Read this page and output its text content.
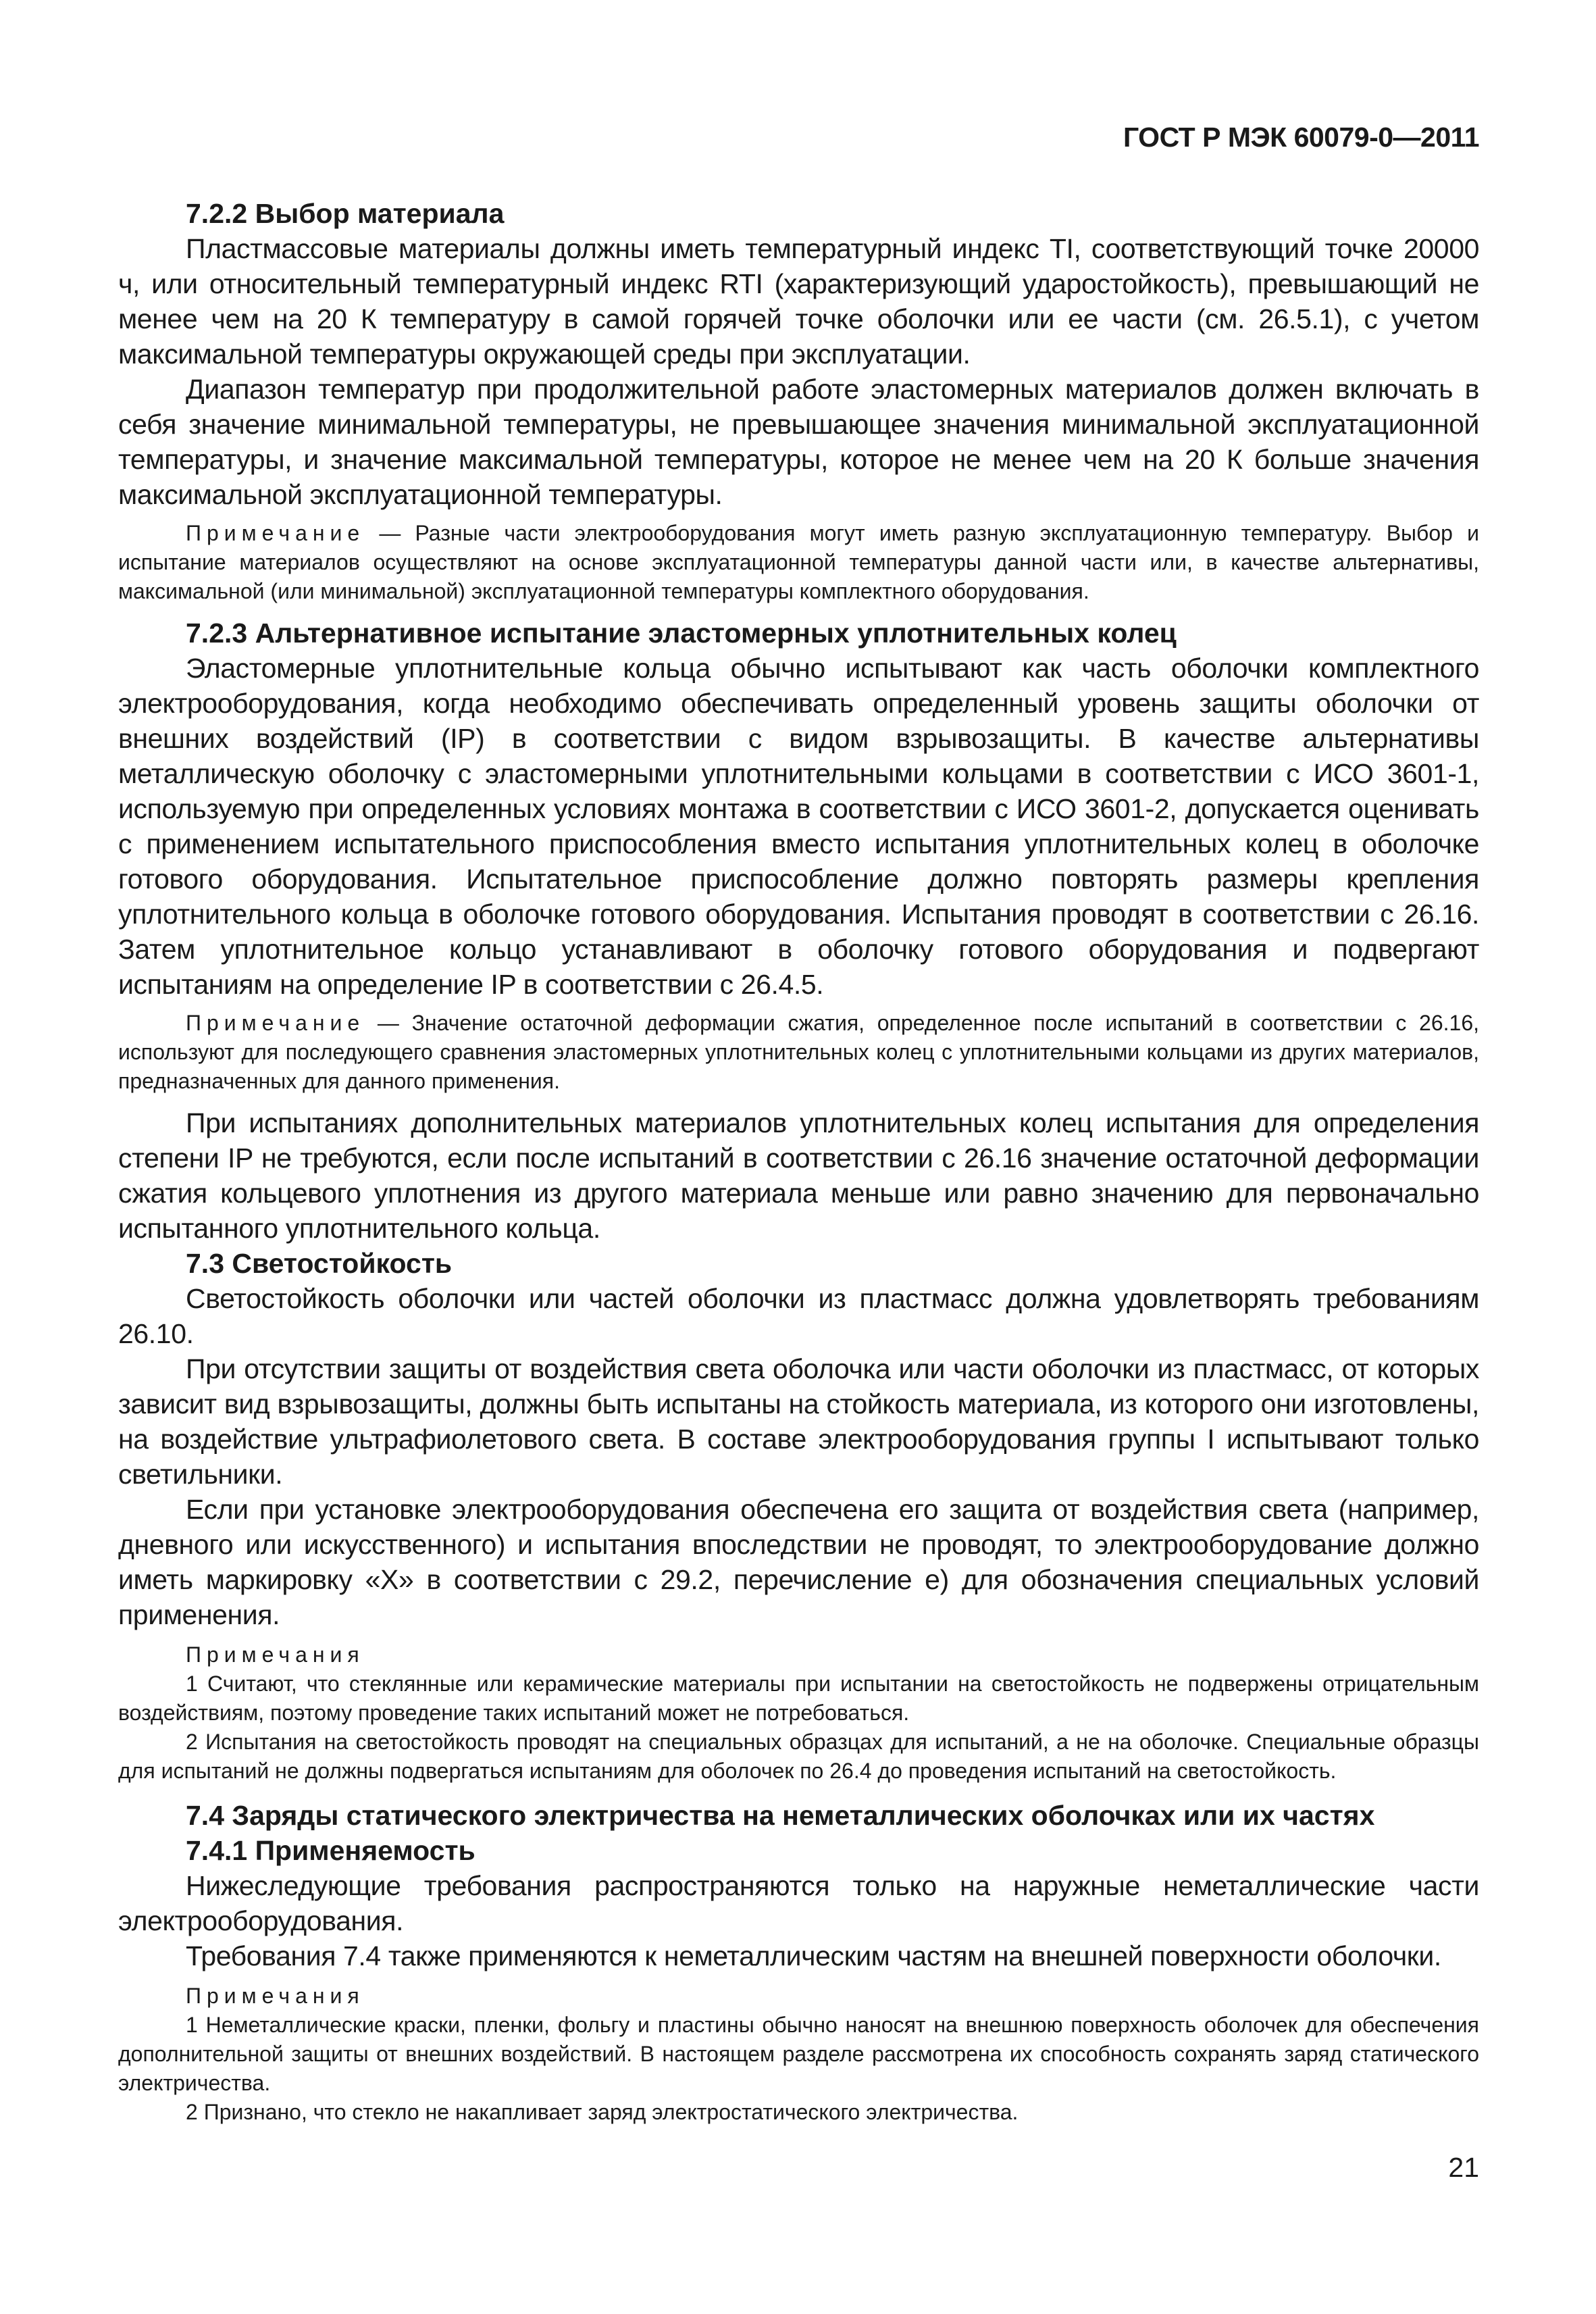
ГОСТ Р МЭК 60079-0—2011
7.2.2 Выбор материала

Пластмассовые материалы должны иметь температурный индекс TI, соответствующий точке 20000 ч, или относительный температурный индекс RTI (характеризующий ударостойкость), превышающий не менее чем на 20 К температуру в самой горячей точке оболочки или ее части (см. 26.5.1), с учетом максимальной температуры окружающей среды при эксплуатации.

Диапазон температур при продолжительной работе эластомерных материалов должен включать в себя значение минимальной температуры, не превышающее значения минимальной эксплуатационной температуры, и значение максимальной температуры, которое не менее чем на 20 К больше значения максимальной эксплуатационной температуры.

Примечание — Разные части электрооборудования могут иметь разную эксплуатационную температуру. Выбор и испытание материалов осуществляют на основе эксплуатационной температуры данной части или, в качестве альтернативы, максимальной (или минимальной) эксплуатационной температуры комплектного оборудования.

7.2.3 Альтернативное испытание эластомерных уплотнительных колец

Эластомерные уплотнительные кольца обычно испытывают как часть оболочки комплектного электрооборудования, когда необходимо обеспечивать определенный уровень защиты оболочки от внешних воздействий (IP) в соответствии с видом взрывозащиты. В качестве альтернативы металлическую оболочку с эластомерными уплотнительными кольцами в соответствии с ИСО 3601-1, используемую при определенных условиях монтажа в соответствии с ИСО 3601-2, допускается оценивать с применением испытательного приспособления вместо испытания уплотнительных колец в оболочке готового оборудования. Испытательное приспособление должно повторять размеры крепления уплотнительного кольца в оболочке готового оборудования. Испытания проводят в соответствии с 26.16. Затем уплотнительное кольцо устанавливают в оболочку готового оборудования и подвергают испытаниям на определение IP в соответствии с 26.4.5.

Примечание — Значение остаточной деформации сжатия, определенное после испытаний в соответствии с 26.16, используют для последующего сравнения эластомерных уплотнительных колец с уплотнительными кольцами из других материалов, предназначенных для данного применения.

При испытаниях дополнительных материалов уплотнительных колец испытания для определения степени IP не требуются, если после испытаний в соответствии с 26.16 значение остаточной деформации сжатия кольцевого уплотнения из другого материала меньше или равно значению для первоначально испытанного уплотнительного кольца.

7.3 Светостойкость

Светостойкость оболочки или частей оболочки из пластмасс должна удовлетворять требованиям 26.10.

При отсутствии защиты от воздействия света оболочка или части оболочки из пластмасс, от которых зависит вид взрывозащиты, должны быть испытаны на стойкость материала, из которого они изготовлены, на воздействие ультрафиолетового света. В составе электрооборудования группы I испытывают только светильники.

Если при установке электрооборудования обеспечена его защита от воздействия света (например, дневного или искусственного) и испытания впоследствии не проводят, то электрооборудование должно иметь маркировку «X» в соответствии с 29.2, перечисление е) для обозначения специальных условий применения.

Примечания

1 Считают, что стеклянные или керамические материалы при испытании на светостойкость не подвержены отрицательным воздействиям, поэтому проведение таких испытаний может не потребоваться.

2 Испытания на светостойкость проводят на специальных образцах для испытаний, а не на оболочке. Специальные образцы для испытаний не должны подвергаться испытаниям для оболочек по 26.4 до проведения испытаний на светостойкость.

7.4 Заряды статического электричества на неметаллических оболочках или их частях
7.4.1 Применяемость

Нижеследующие требования распространяются только на наружные неметаллические части электрооборудования.

Требования 7.4 также применяются к неметаллическим частям на внешней поверхности оболочки.

Примечания

1 Неметаллические краски, пленки, фольгу и пластины обычно наносят на внешнюю поверхность оболочек для обеспечения дополнительной защиты от внешних воздействий. В настоящем разделе рассмотрена их способность сохранять заряд статического электричества.

2 Признано, что стекло не накапливает заряд электростатического электричества.

21
